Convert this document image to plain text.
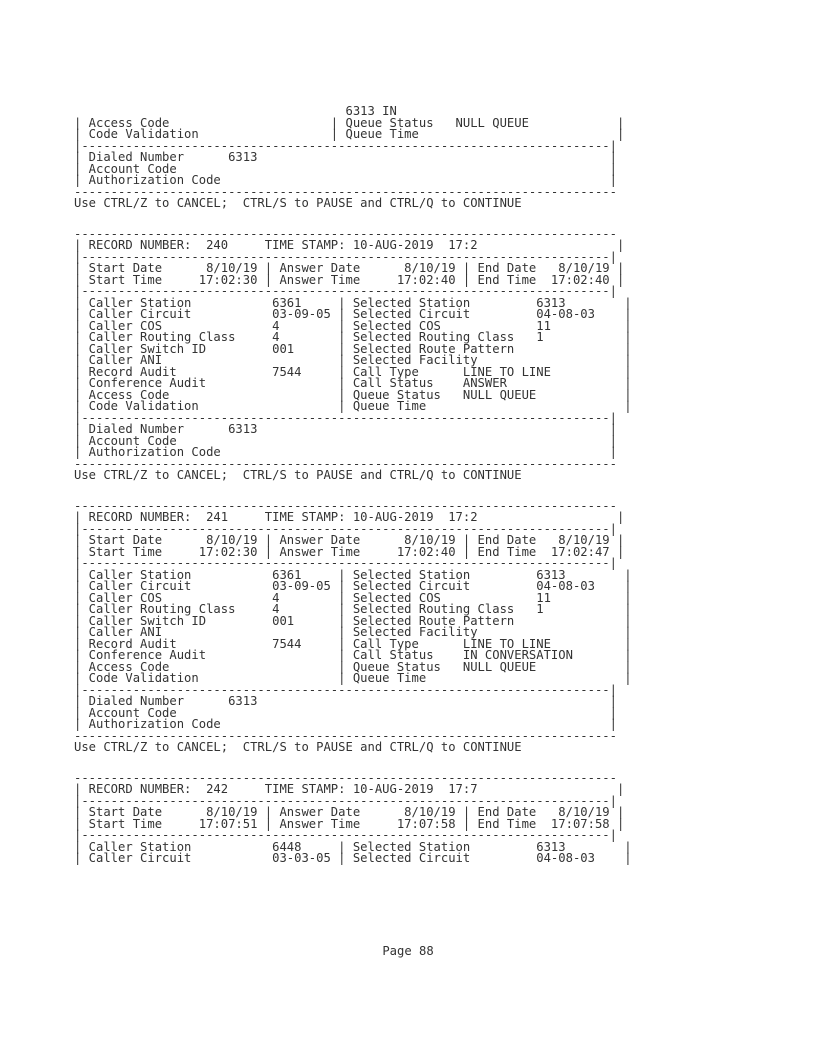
6313 IN
| Access Code                      | Queue Status   NULL QUEUE            |
| Code Validation                  | Queue Time                           |
|------------------------------------------------------------------------|
| Dialed Number      6313                                                |
| Account Code                                                           |
| Authorization Code                                                     |
--------------------------------------------------------------------------
Use CTRL/Z to CANCEL;  CTRL/S to PAUSE and CTRL/Q to CONTINUE
--------------------------------------------------------------------------
| RECORD NUMBER:  240     TIME STAMP: 10-AUG-2019  17:2                   |
|------------------------------------------------------------------------|
| Start Date      8/10/19 | Answer Date      8/10/19 | End Date   8/10/19 |
| Start Time     17:02:30 | Answer Time     17:02:40 | End Time  17:02:40 |
|------------------------------------------------------------------------|
| Caller Station           6361     | Selected Station         6313        |
| Caller Circuit           03-09-05 | Selected Circuit         04-08-03    |
| Caller COS               4        | Selected COS             11          |
| Caller Routing Class     4        | Selected Routing Class   1           |
| Caller Switch ID         001      | Selected Route Pattern               |
| Caller ANI                        | Selected Facility                    |
| Record Audit             7544     | Call Type      LINE TO LINE          |
| Conference Audit                  | Call Status    ANSWER                |
| Access Code                       | Queue Status   NULL QUEUE            |
| Code Validation                   | Queue Time                           |
|------------------------------------------------------------------------|
| Dialed Number      6313                                                |
| Account Code                                                           |
| Authorization Code                                                     |
--------------------------------------------------------------------------
Use CTRL/Z to CANCEL;  CTRL/S to PAUSE and CTRL/Q to CONTINUE
--------------------------------------------------------------------------
| RECORD NUMBER:  241     TIME STAMP: 10-AUG-2019  17:2                   |
|------------------------------------------------------------------------|
| Start Date      8/10/19 | Answer Date      8/10/19 | End Date   8/10/19 |
| Start Time     17:02:30 | Answer Time     17:02:40 | End Time  17:02:47 |
|------------------------------------------------------------------------|
| Caller Station           6361     | Selected Station         6313        |
| Caller Circuit           03-09-05 | Selected Circuit         04-08-03    |
| Caller COS               4        | Selected COS             11          |
| Caller Routing Class     4        | Selected Routing Class   1           |
| Caller Switch ID         001      | Selected Route Pattern               |
| Caller ANI                        | Selected Facility                    |
| Record Audit             7544     | Call Type      LINE TO LINE          |
| Conference Audit                  | Call Status    IN CONVERSATION       |
| Access Code                       | Queue Status   NULL QUEUE            |
| Code Validation                   | Queue Time                           |
|------------------------------------------------------------------------|
| Dialed Number      6313                                                |
| Account Code                                                           |
| Authorization Code                                                     |
--------------------------------------------------------------------------
Use CTRL/Z to CANCEL;  CTRL/S to PAUSE and CTRL/Q to CONTINUE
--------------------------------------------------------------------------
| RECORD NUMBER:  242     TIME STAMP: 10-AUG-2019  17:7                   |
|------------------------------------------------------------------------|
| Start Date      8/10/19 | Answer Date      8/10/19 | End Date   8/10/19 |
| Start Time     17:07:51 | Answer Time     17:07:58 | End Time  17:07:58 |
|------------------------------------------------------------------------|
| Caller Station           6448     | Selected Station         6313        |
| Caller Circuit           03-03-05 | Selected Circuit         04-08-03    |
Page 88
